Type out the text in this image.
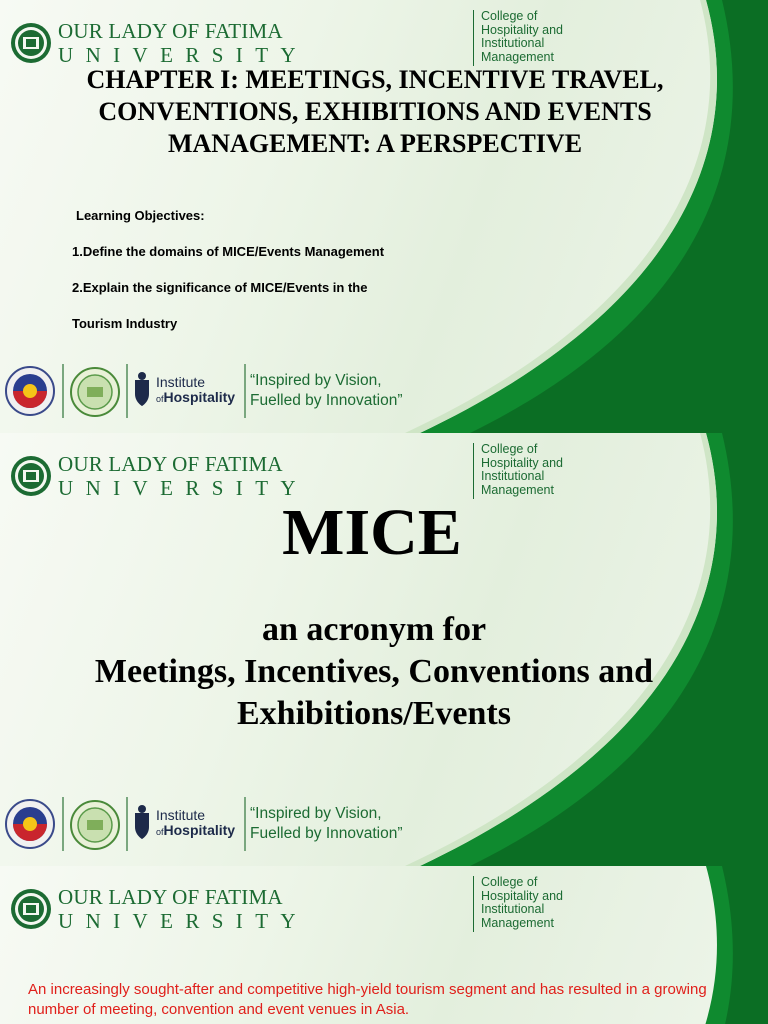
OUR LADY OF FATIMA
UNIVERSITY
College of
Hospitality and
Institutional
Management
CHAPTER I: MEETINGS, INCENTIVE TRAVEL, CONVENTIONS, EXHIBITIONS AND EVENTS MANAGEMENT: A PERSPECTIVE
Learning Objectives:
1.Define the domains of MICE/Events Management
2.Explain the significance of MICE/Events in the
Tourism Industry
Institute
ofHospitality
“Inspired by Vision,
Fuelled by Innovation”
OUR LADY OF FATIMA
UNIVERSITY
College of
Hospitality and
Institutional
Management
MICE
an acronym for
Meetings, Incentives, Conventions and
Exhibitions/Events
Institute
ofHospitality
“Inspired by Vision,
Fuelled by Innovation”
OUR LADY OF FATIMA
UNIVERSITY
College of
Hospitality and
Institutional
Management
An increasingly sought-after and competitive high-yield tourism segment and has resulted in a growing number of meeting, convention and event venues in Asia.
